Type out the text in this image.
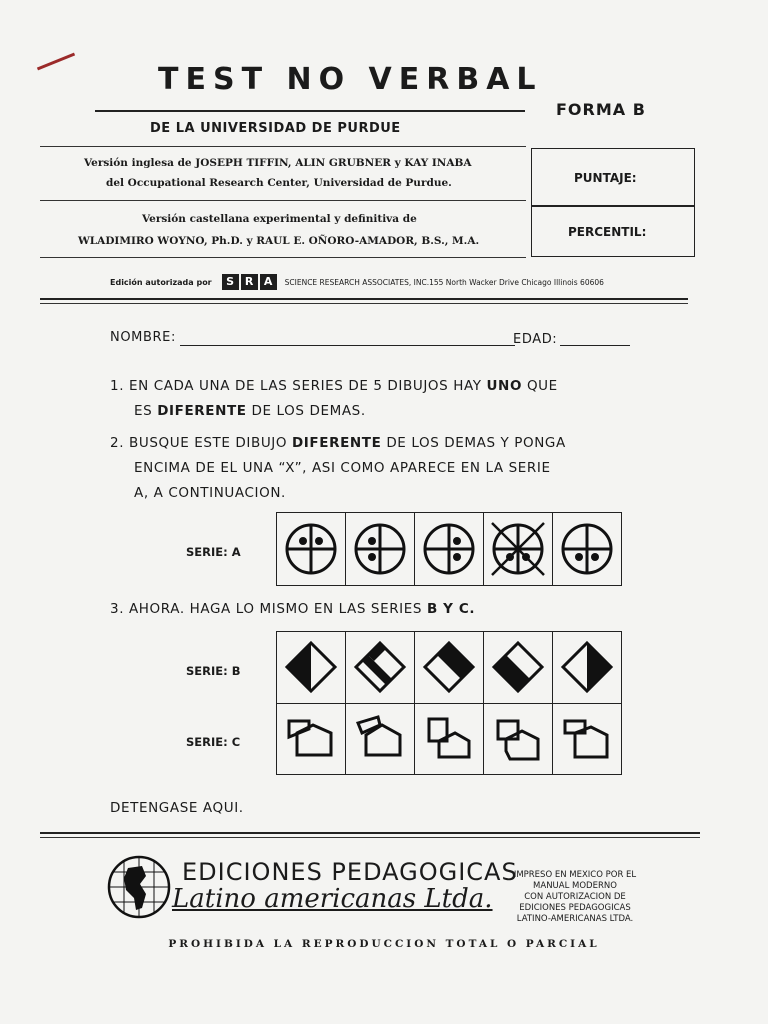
TEST NO VERBAL
FORMA B
DE LA UNIVERSIDAD DE PURDUE
Versión inglesa de JOSEPH TIFFIN, ALIN GRUBNER y KAY INABA
del Occupational Research Center, Universidad de Purdue.
Versión castellana experimental y definitiva de
WLADIMIRO WOYNO, Ph.D. y RAUL E. OÑORO-AMADOR, B.S., M.A.
PUNTAJE:
PERCENTIL:
Edición autorizada por	S R A	SCIENCE RESEARCH ASSOCIATES, INC.155 North Wacker Drive Chicago Illinois 60606
NOMBRE:	EDAD:
1. EN CADA UNA DE LAS SERIES DE 5 DIBUJOS HAY UNO QUE
ES DIFERENTE DE LOS DEMAS.
2. BUSQUE ESTE DIBUJO DIFERENTE DE LOS DEMAS Y PONGA
ENCIMA DE EL UNA “X”, ASI COMO APARECE EN LA SERIE
A, A CONTINUACION.
SERIE: A
3. AHORA. HAGA LO MISMO EN LAS SERIES B Y C.
SERIE: B
SERIE: C
DETENGASE AQUI.
EDICIONES PEDAGOGICAS
Latino americanas Ltda.
IMPRESO EN MEXICO POR EL
MANUAL MODERNO
CON AUTORIZACION DE
EDICIONES PEDAGOGICAS
LATINO-AMERICANAS LTDA.
PROHIBIDA LA REPRODUCCION TOTAL O PARCIAL
